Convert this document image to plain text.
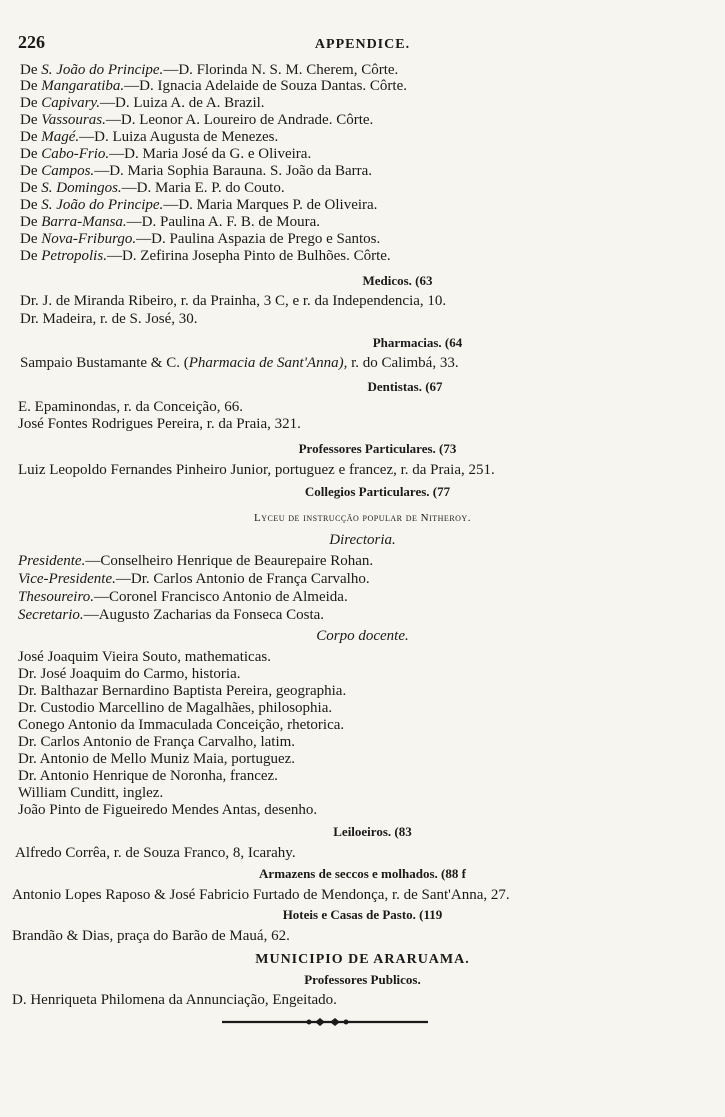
226	APPENDICE.
De S. João do Principe.—D. Florinda N. S. M. Cherem, Côrte.
De Mangaratiba.—D. Ignacia Adelaide de Souza Dantas. Côrte.
De Capivary.—D. Luiza A. de A. Brazil.
De Vassouras.—D. Leonor A. Loureiro de Andrade. Côrte.
De Magé.—D. Luiza Augusta de Menezes.
De Cabo-Frio.—D. Maria José da G. e Oliveira.
De Campos.—D. Maria Sophia Barauna. S. João da Barra.
De S. Domingos.—D. Maria E. P. do Couto.
De S. João do Principe.—D. Maria Marques P. de Oliveira.
De Barra-Mansa.—D. Paulina A. F. B. de Moura.
De Nova-Friburgo.—D. Paulina Aspazia de Prego e Santos.
De Petropolis.—D. Zefirina Josepha Pinto de Bulhões. Côrte.
Medicos. (63
Dr. J. de Miranda Ribeiro, r. da Prainha, 3 C, e r. da Independencia, 10.
Dr. Madeira, r. de S. José, 30.
Pharmacias. (64
Sampaio Bustamante & C. (Pharmacia de Sant'Anna), r. do Calimbá, 33.
Dentistas. (67
E. Epaminondas, r. da Conceição, 66.
José Fontes Rodrigues Pereira, r. da Praia, 321.
Professores Particulares. (73
Luiz Leopoldo Fernandes Pinheiro Junior, portuguez e francez, r. da Praia, 251.
Collegios Particulares. (77
Lyceu de instrucção popular de Nitheroy.
Directoria.
Presidente.—Conselheiro Henrique de Beaurepaire Rohan.
Vice-Presidente.—Dr. Carlos Antonio de França Carvalho.
Thesoureiro.—Coronel Francisco Antonio de Almeida.
Secretario.—Augusto Zacharias da Fonseca Costa.
Corpo docente.
José Joaquim Vieira Souto, mathematicas.
Dr. José Joaquim do Carmo, historia.
Dr. Balthazar Bernardino Baptista Pereira, geographia.
Dr. Custodio Marcellino de Magalhães, philosophia.
Conego Antonio da Immaculada Conceição, rhetorica.
Dr. Carlos Antonio de França Carvalho, latim.
Dr. Antonio de Mello Muniz Maia, portuguez.
Dr. Antonio Henrique de Noronha, francez.
William Cunditt, inglez.
João Pinto de Figueiredo Mendes Antas, desenho.
Leiloeiros. (83
Alfredo Corrêa, r. de Souza Franco, 8, Icarahy.
Armazens de seccos e molhados. (88 f
Antonio Lopes Raposo & José Fabricio Furtado de Mendonça, r. de Sant'Anna, 27.
Hoteis e Casas de Pasto. (119
Brandão & Dias, praça do Barão de Mauá, 62.
MUNICIPIO DE ARARUAMA.
Professores Publicos.
D. Henriqueta Philomena da Annunciação, Engeitado.
